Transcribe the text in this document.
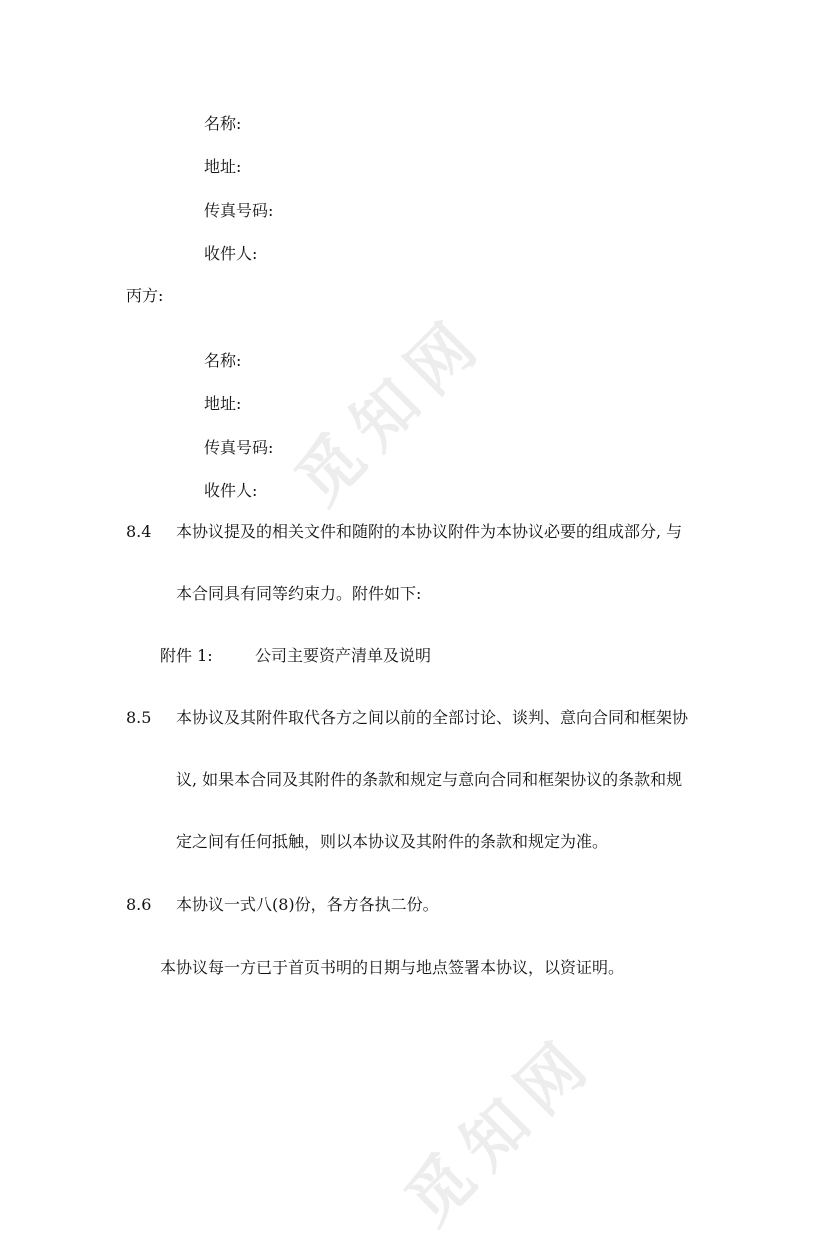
觅知网
觅知网
名称:
地址:
传真号码:
收件人:
丙方:
名称:
地址:
传真号码:
收件人:
8.4 本协议提及的相关文件和随附的本协议附件为本协议必要的组成部分, 与
本合同具有同等约束力。附件如下:
附件 1:	公司主要资产清单及说明
8.5 本协议及其附件取代各方之间以前的全部讨论、谈判、意向合同和框架协
议, 如果本合同及其附件的条款和规定与意向合同和框架协议的条款和规
定之间有任何抵触，则以本协议及其附件的条款和规定为准。
8.6 本协议一式八(8)份，各方各执二份。
本协议每一方已于首页书明的日期与地点签署本协议，以资证明。
